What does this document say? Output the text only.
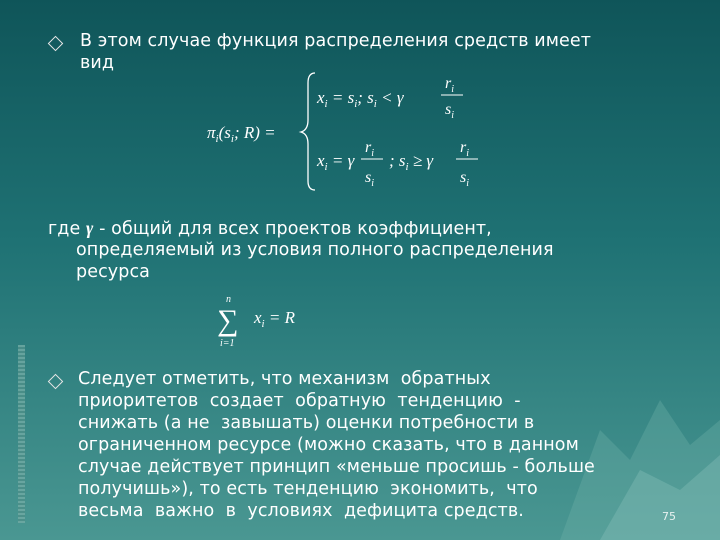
В этом случае функция распределения средств имеет
вид
$\pi_i(s_i$; R) =
$x_i = s_i$; $s_i < \gamma$
$r_i$
$s_i$
$x_i = \gamma$
$r_i$
$s_i$
; $s_i \ge \gamma$
$r_i$
$s_i$
где γ - общий для всех проектов коэффициент,
определяемый из условия полного распределения
ресурса
n
∑
i=1
$x_i = R$
Следует отметить, что механизм  обратных
приоритетов  создает  обратную  тенденцию  -
снижать (а не  завышать) оценки потребности в
ограниченном ресурсе (можно сказать, что в данном
случае действует принцип «меньше просишь - больше
получишь»), то есть тенденцию  экономить,  что
весьма  важно  в  условиях  дефицита средств.	75
